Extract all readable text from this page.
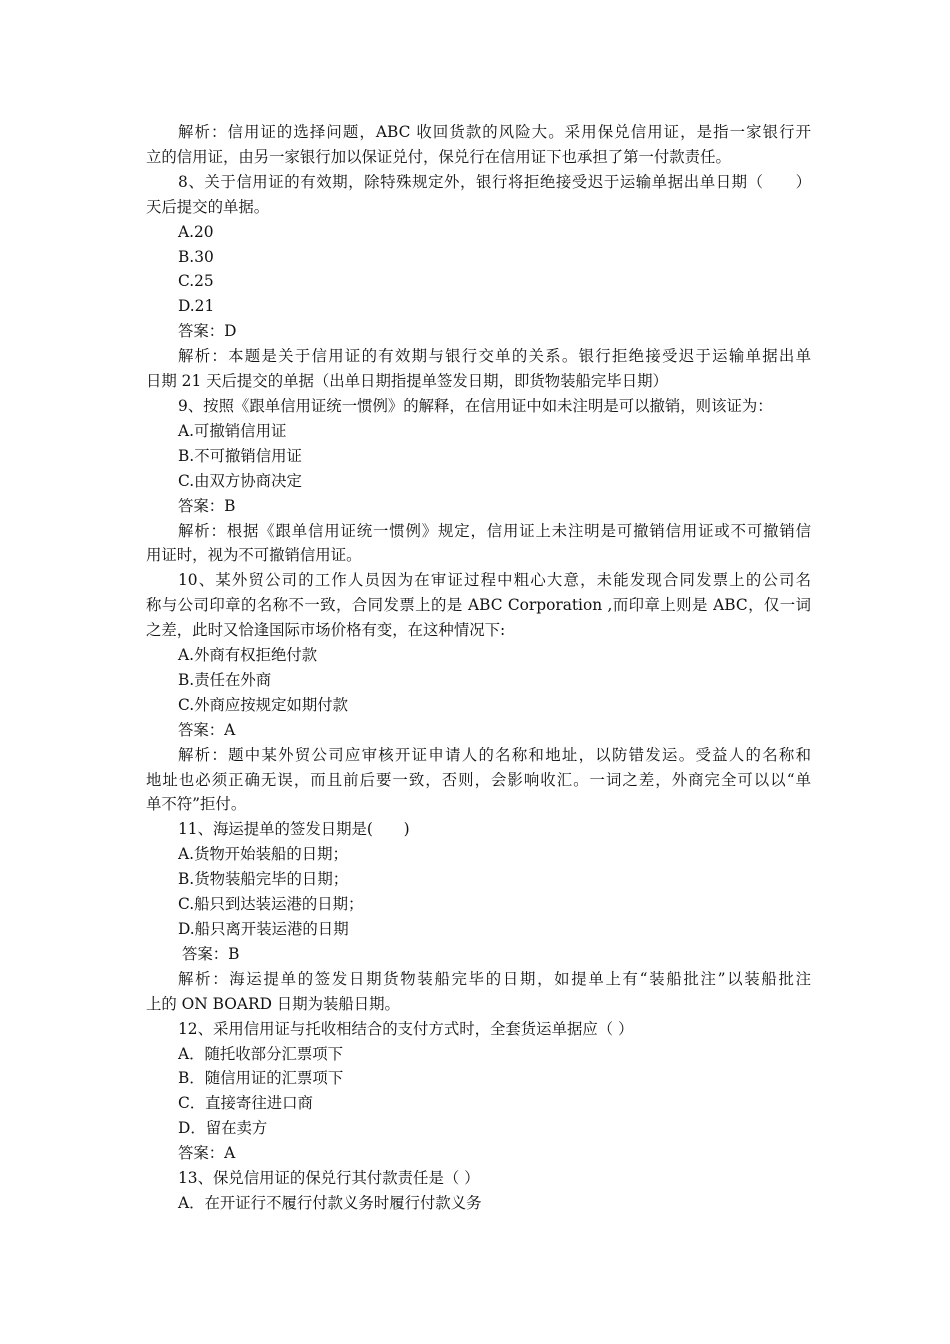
解析：信用证的选择问题，ABC 收回货款的风险大。采用保兑信用证，是指一家银行开
立的信用证，由另一家银行加以保证兑付，保兑行在信用证下也承担了第一付款责任。
8、关于信用证的有效期，除特殊规定外，银行将拒绝接受迟于运输单据出单日期（　　）
天后提交的单据。
A.20
B.30
C.25
D.21
答案：D
解析：本题是关于信用证的有效期与银行交单的关系。银行拒绝接受迟于运输单据出单
日期 21 天后提交的单据（出单日期指提单签发日期，即货物装船完毕日期）
9、按照《跟单信用证统一惯例》的解释，在信用证中如未注明是可以撤销，则该证为：
A.可撤销信用证
B.不可撤销信用证
C.由双方协商决定
答案：B
解析：根据《跟单信用证统一惯例》规定，信用证上未注明是可撤销信用证或不可撤销信
用证时，视为不可撤销信用证。
10、某外贸公司的工作人员因为在审证过程中粗心大意，未能发现合同发票上的公司名
称与公司印章的名称不一致，合同发票上的是 ABC Corporation ,而印章上则是 ABC，仅一词
之差，此时又恰逢国际市场价格有变，在这种情况下:
A.外商有权拒绝付款
B.责任在外商
C.外商应按规定如期付款
答案：A
解析：题中某外贸公司应审核开证申请人的名称和地址，以防错发运。受益人的名称和
地址也必须正确无误，而且前后要一致，否则，会影响收汇。一词之差，外商完全可以以“单
单不符”拒付。
11、海运提单的签发日期是(　　)
A.货物开始装船的日期；
B.货物装船完毕的日期；
C.船只到达装运港的日期；
D.船只离开装运港的日期
答案：B
解析：海运提单的签发日期货物装船完毕的日期，如提单上有“装船批注”以装船批注
上的 ON BOARD 日期为装船日期。
12、采用信用证与托收相结合的支付方式时，全套货运单据应（ ）
A．随托收部分汇票项下
B．随信用证的汇票项下
C．直接寄往进口商
D．留在卖方
答案：A
13、保兑信用证的保兑行其付款责任是（ ）
A．在开证行不履行付款义务时履行付款义务
